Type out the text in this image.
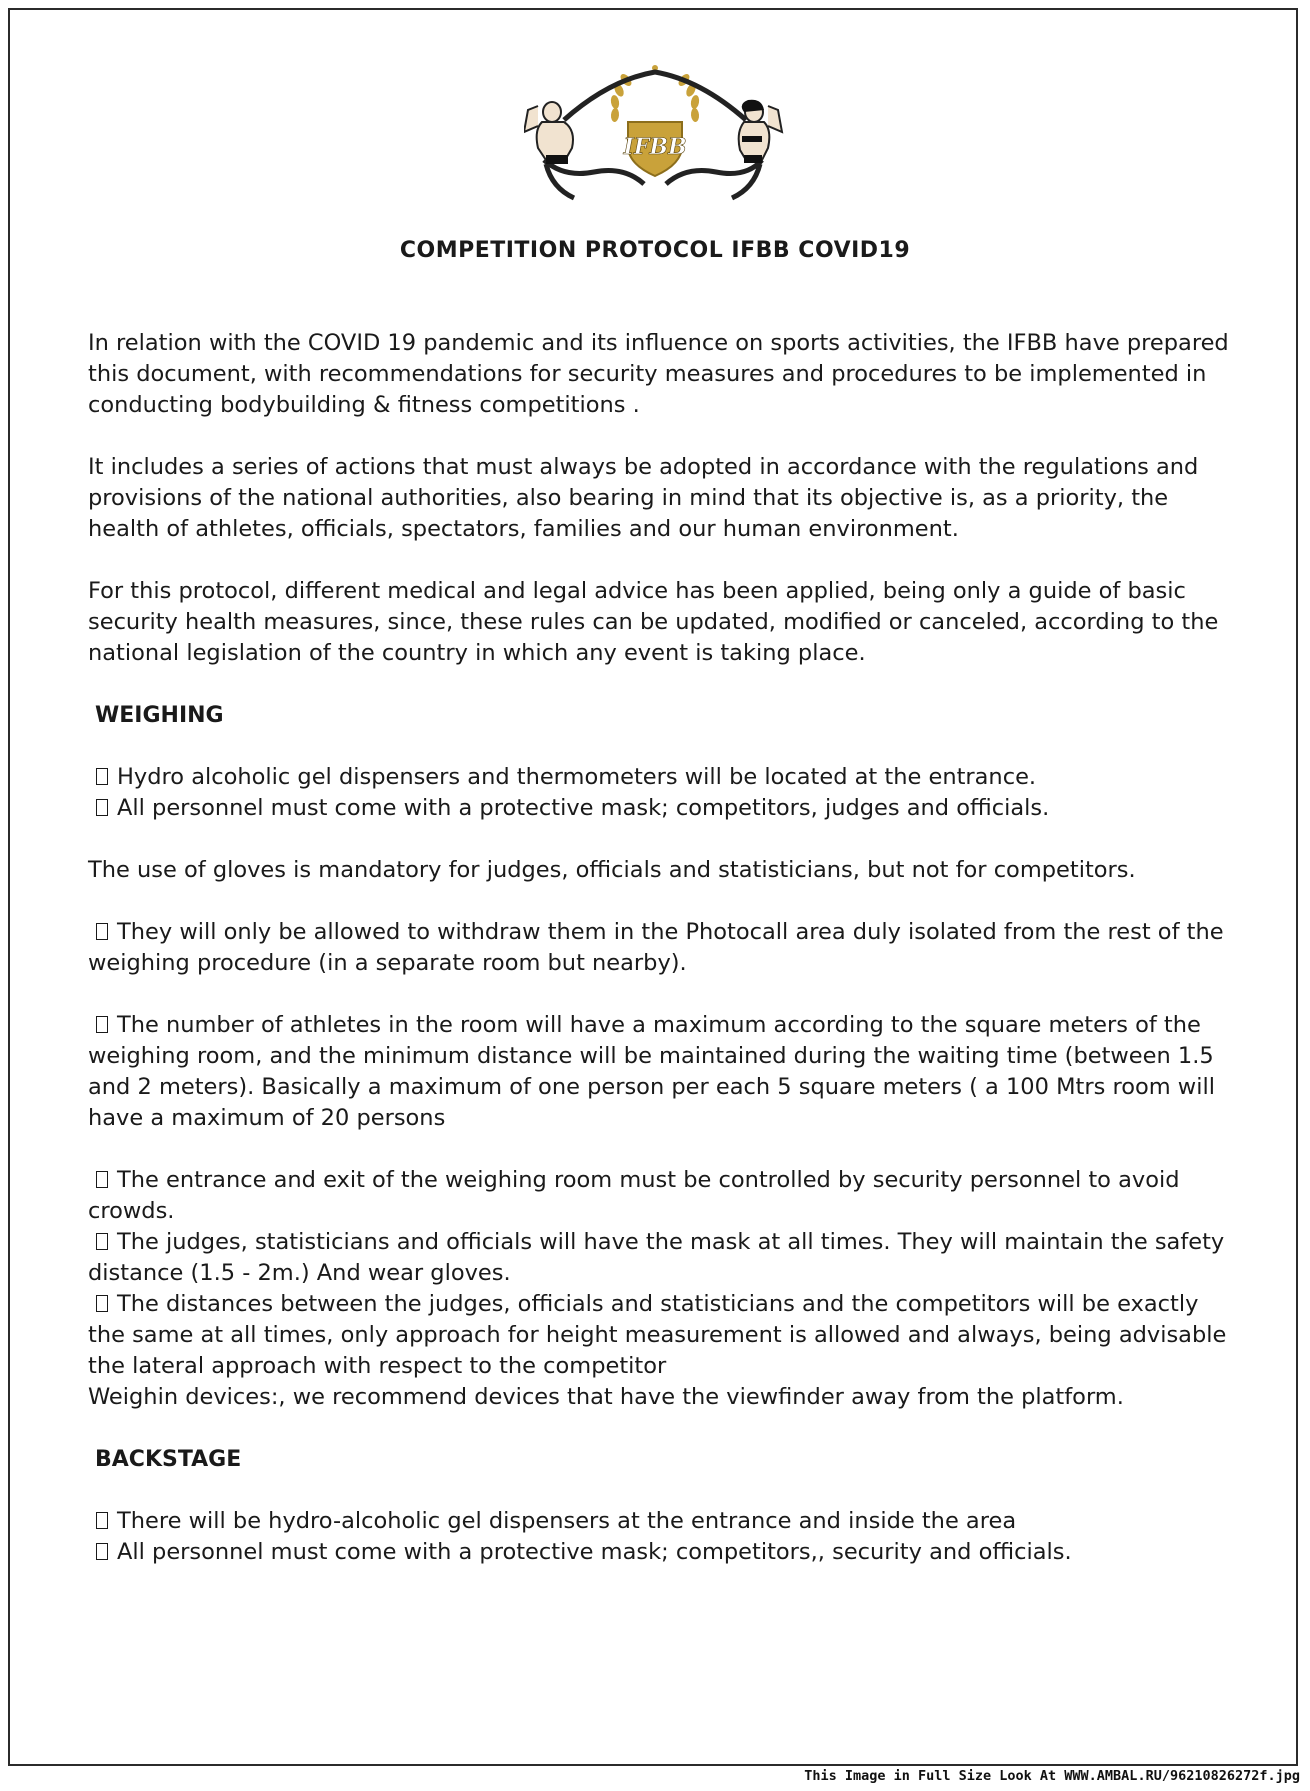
IFBB
COMPETITION PROTOCOL IFBB COVID19

In relation with the COVID 19 pandemic and its influence on sports activities, the IFBB have prepared this document, with recommendations for security measures and procedures to be implemented in conducting bodybuilding & fitness competitions .

It includes a series of actions that must always be adopted in accordance with the regulations and provisions of the national authorities, also bearing in mind that its objective is, as a priority, the health of athletes, officials, spectators, families and our human environment.

For this protocol, different medical and legal advice has been applied, being only a guide of basic security health measures, since, these rules can be updated, modified or canceled, according to the national legislation of the country in which any event is taking place.

WEIGHING

Hydro alcoholic gel dispensers and thermometers will be located at the entrance.

All personnel must come with a protective mask; competitors, judges and officials.

The use of gloves is mandatory for judges, officials and statisticians, but not for competitors.

They will only be allowed to withdraw them in the Photocall area duly isolated from the rest of the weighing procedure (in a separate room but nearby).

The number of athletes in the room will have a maximum according to the square meters of the weighing room, and the minimum distance will be maintained during the waiting time (between 1.5 and 2 meters). Basically a maximum of one person per each 5 square meters ( a 100 Mtrs room will have a maximum of 20 persons

The entrance and exit of the weighing room must be controlled by security personnel to avoid crowds.

The judges, statisticians and officials will have the mask at all times. They will maintain the safety distance (1.5 - 2m.) And wear gloves.

The distances between the judges, officials and statisticians and the competitors will be exactly the same at all times, only approach for height measurement is allowed and always, being advisable the lateral approach with respect to the competitor

Weighin devices:, we recommend devices that have the viewfinder away from the platform.

BACKSTAGE

There will be hydro-alcoholic gel dispensers at the entrance and inside the area

All personnel must come with a protective mask; competitors,, security and officials.

This Image in Full Size Look At WWW.AMBAL.RU/96210826272f.jpg
